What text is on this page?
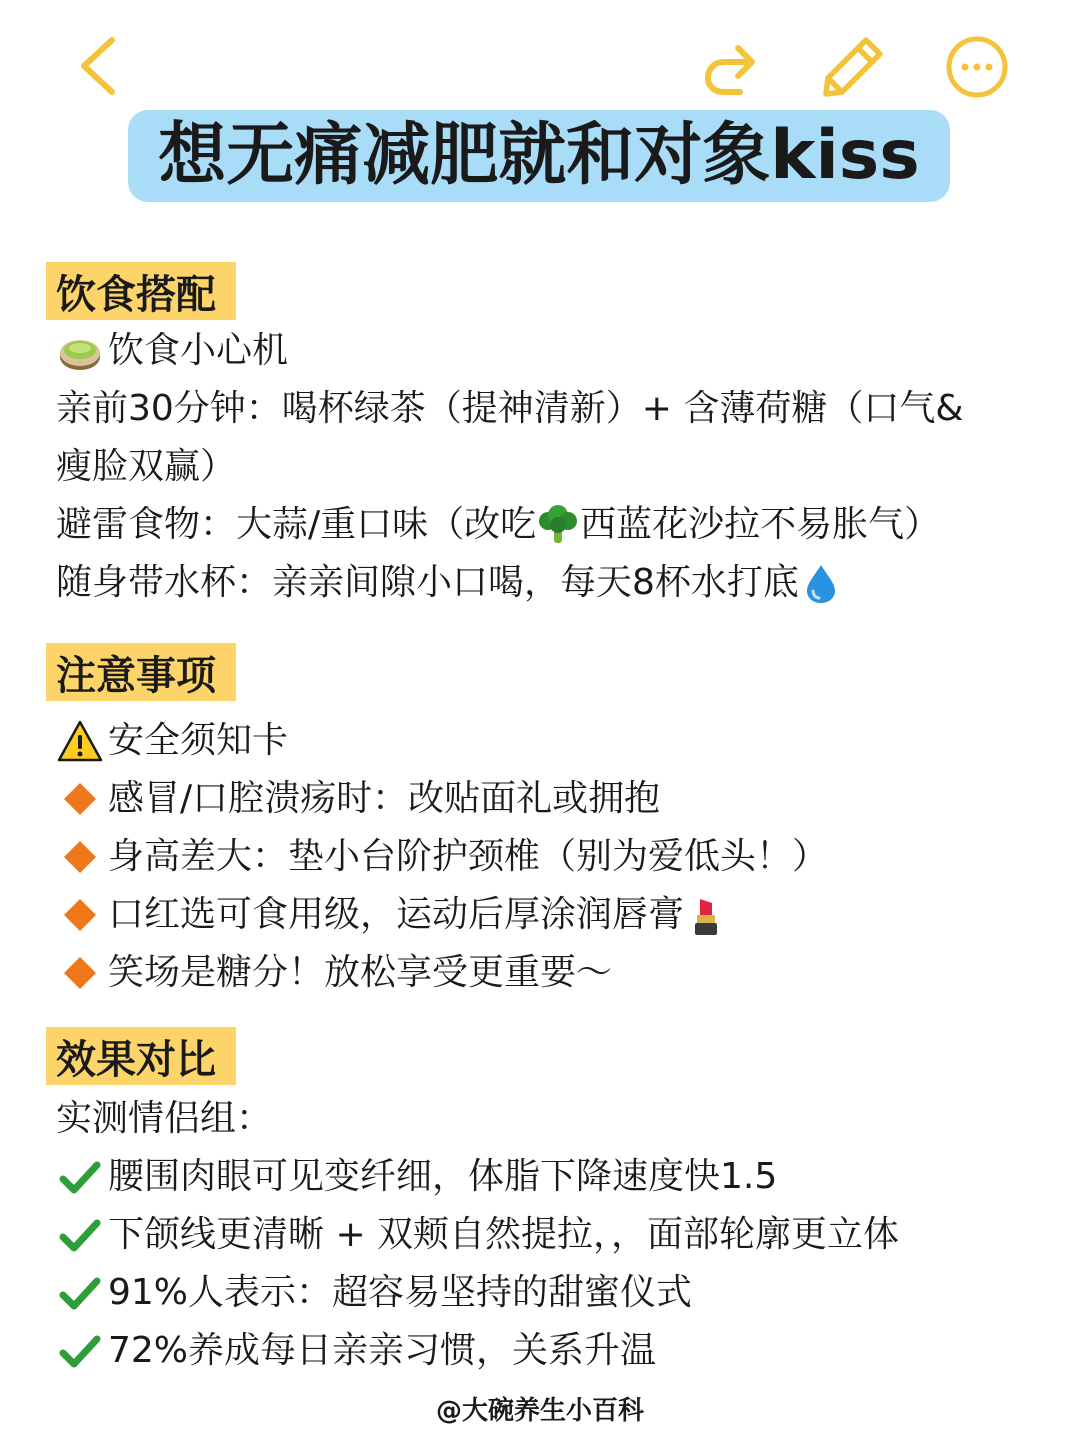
想无痛减肥就和对象kiss
饮食搭配
饮食小心机
亲前30分钟：喝杯绿茶（提神清新）+ 含薄荷糖（口气&
瘦脸双赢）
避雷食物：大蒜/重口味（改吃 西蓝花沙拉不易胀气）
随身带水杯：亲亲间隙小口喝，每天8杯水打底
注意事项
安全须知卡
感冒/口腔溃疡时：改贴面礼或拥抱
身高差大：垫小台阶护颈椎（别为爱低头！）
口红选可食用级，运动后厚涂润唇膏
笑场是糖分！放松享受更重要～
效果对比
实测情侣组：
腰围肉眼可见变纤细，体脂下降速度快1.5
下颌线更清晰 + 双颊自然提拉，，面部轮廓更立体
91%人表示：超容易坚持的甜蜜仪式
72%养成每日亲亲习惯，关系升温
@大碗养生小百科
